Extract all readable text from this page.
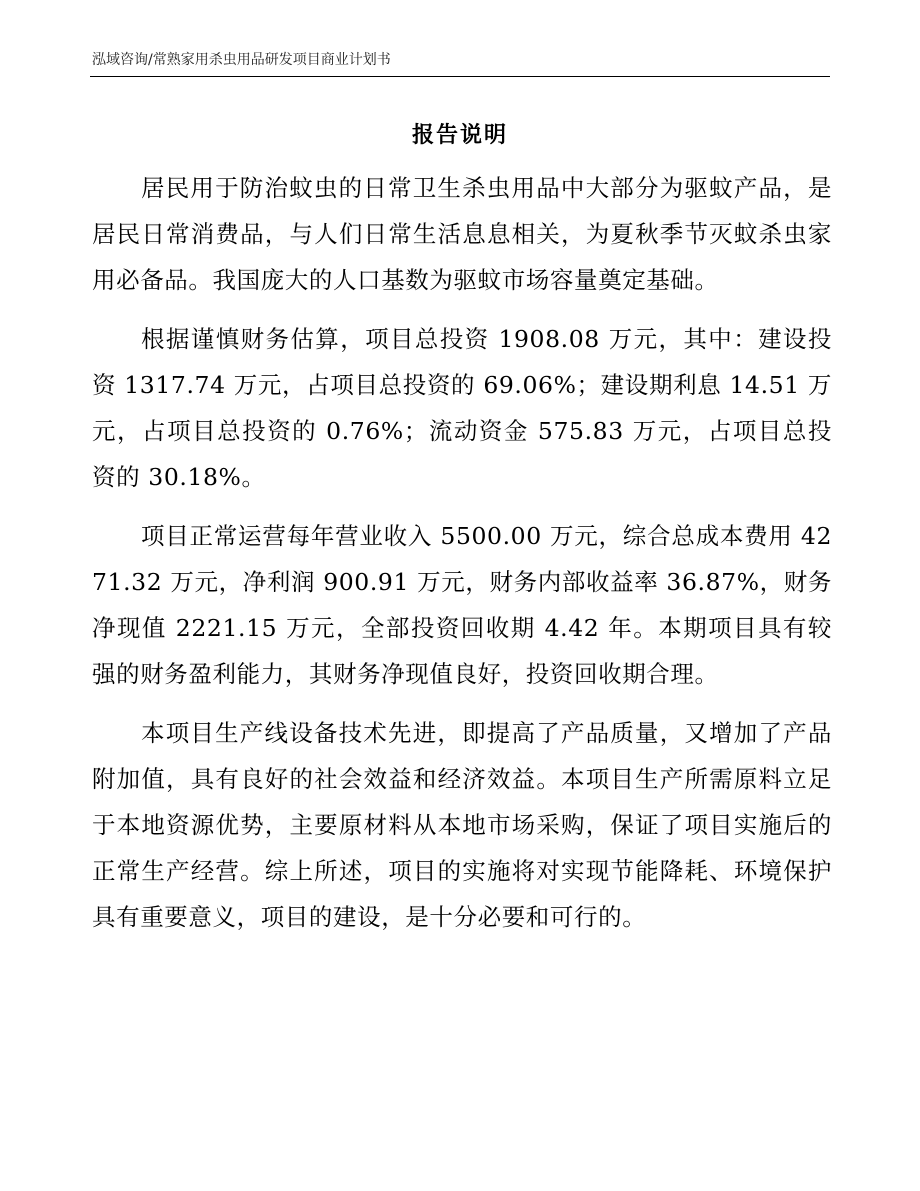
泓域咨询/常熟家用杀虫用品研发项目商业计划书
报告说明

居民用于防治蚊虫的日常卫生杀虫用品中大部分为驱蚊产品，是居民日常消费品，与人们日常生活息息相关，为夏秋季节灭蚊杀虫家用必备品。我国庞大的人口基数为驱蚊市场容量奠定基础。

根据谨慎财务估算，项目总投资 1908.08 万元，其中：建设投资 1317.74 万元，占项目总投资的 69.06%；建设期利息 14.51 万元，占项目总投资的 0.76%；流动资金 575.83 万元，占项目总投资的 30.18%。

项目正常运营每年营业收入 5500.00 万元，综合总成本费用 4271.32 万元，净利润 900.91 万元，财务内部收益率 36.87%，财务净现值 2221.15 万元，全部投资回收期 4.42 年。本期项目具有较强的财务盈利能力，其财务净现值良好，投资回收期合理。

本项目生产线设备技术先进，即提高了产品质量，又增加了产品附加值，具有良好的社会效益和经济效益。本项目生产所需原料立足于本地资源优势，主要原材料从本地市场采购，保证了项目实施后的正常生产经营。综上所述，项目的实施将对实现节能降耗、环境保护具有重要意义，项目的建设，是十分必要和可行的。
